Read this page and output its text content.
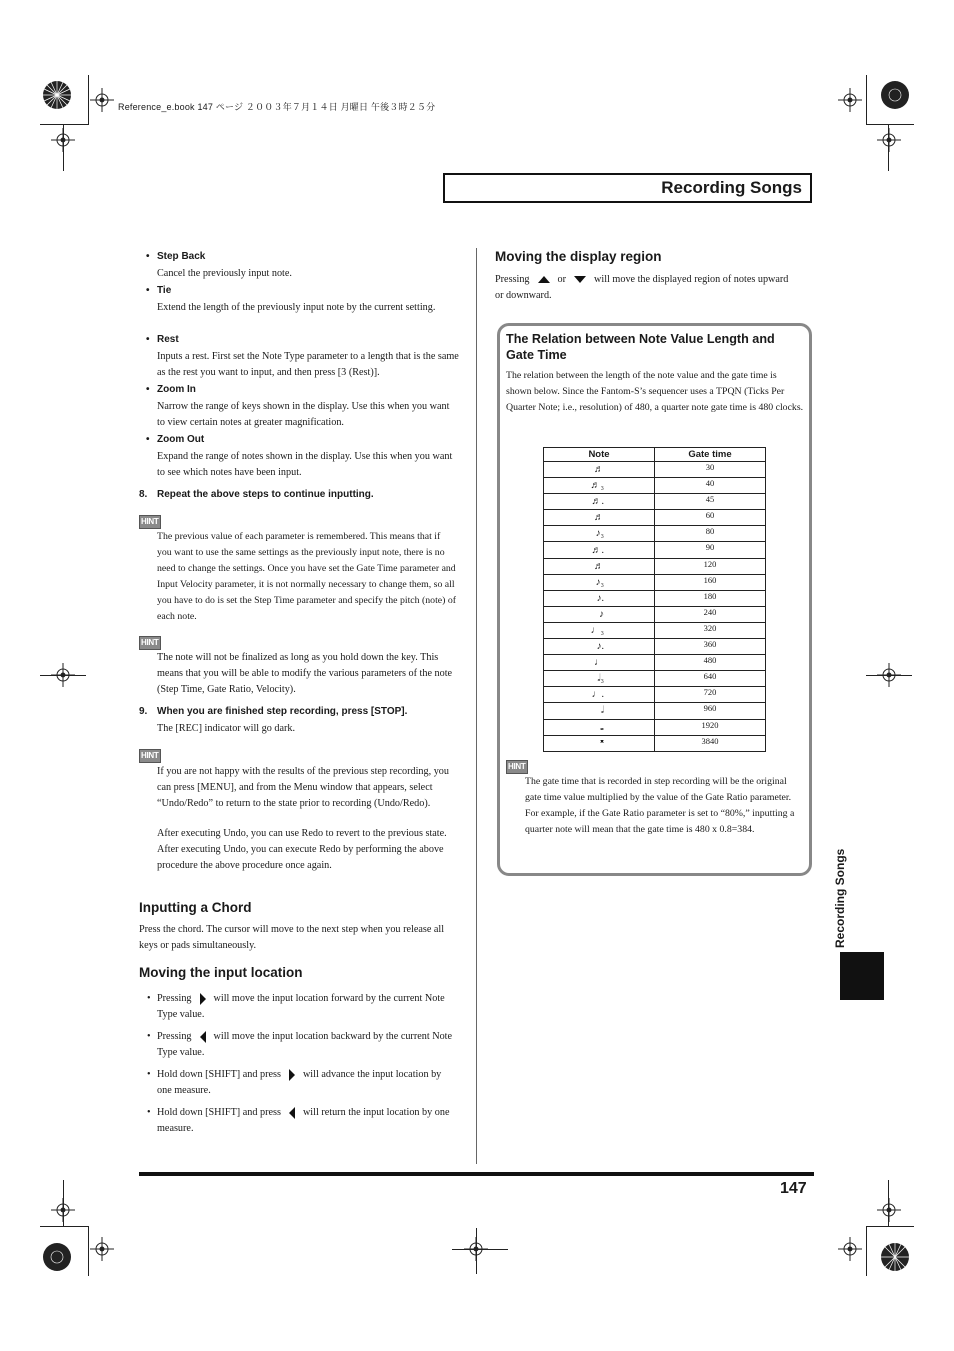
Reference_e.book 147 ページ ２００３年７月１４日 月曜日 午後３時２５分
Recording Songs
• Step Back
Cancel the previously input note.
• Tie
Extend the length of the previously input note by the current setting.
• Rest
Inputs a rest. First set the Note Type parameter to a length that is the same as the rest you want to input, and then press [3 (Rest)].
• Zoom In
Narrow the range of keys shown in the display. Use this when you want to view certain notes at greater magnification.
• Zoom Out
Expand the range of notes shown in the display. Use this when you want to see which notes have been input.
8. Repeat the above steps to continue inputting.
HINT
The previous value of each parameter is remembered. This means that if you want to use the same settings as the previously input note, there is no need to change the settings. Once you have set the Gate Time parameter and Input Velocity parameter, it is not normally necessary to change them, so all you have to do is set the Step Time parameter and specify the pitch (note) of each note.
HINT
The note will not be finalized as long as you hold down the key. This means that you will be able to modify the various parameters of the note (Step Time, Gate Ratio, Velocity).
9. When you are finished step recording, press [STOP].
The [REC] indicator will go dark.
HINT
If you are not happy with the results of the previous step recording, you can press [MENU], and from the Menu window that appears, select “Undo/Redo” to return to the state prior to recording (Undo/Redo).
After executing Undo, you can use Redo to revert to the previous state. After executing Undo, you can execute Redo by performing the above procedure the above procedure once again.
Inputting a Chord
Press the chord. The cursor will move to the next step when you release all keys or pads simultaneously.
Moving the input location
• Pressing will move the input location forward by the current Note Type value.
• Pressing will move the input location backward by the current Note Type value.
• Hold down [SHIFT] and press will advance the input location by one measure.
• Hold down [SHIFT] and press will return the input location by one measure.
Moving the display region
Pressing	or	will move the displayed region of notes upward or downward.
The Relation between Note Value Length and Gate Time
The relation between the length of the note value and the gate time is shown below. Since the Fantom-S’s sequencer uses a TPQN (Ticks Per Quarter Note; i.e., resolution) of 480, a quarter note gate time is 480 clocks.
Note	Gate time
♬	30
♬₃	40
♬.	45
♬	60
♪₃	80
♬.	90
♬	120
♪₃	160
♪.	180
♪	240
♩₃	320
♪.	360
♩	480
𝅗𝅥₃	640
♩.	720
𝅗𝅥	960
𝅝	1920
𝄺	3840
HINT
The gate time that is recorded in step recording will be the original gate time value multiplied by the value of the Gate Ratio parameter. For example, if the Gate Ratio parameter is set to “80%,” inputting a quarter note will mean that the gate time is 480 x 0.8=384.
147
Recording Songs
